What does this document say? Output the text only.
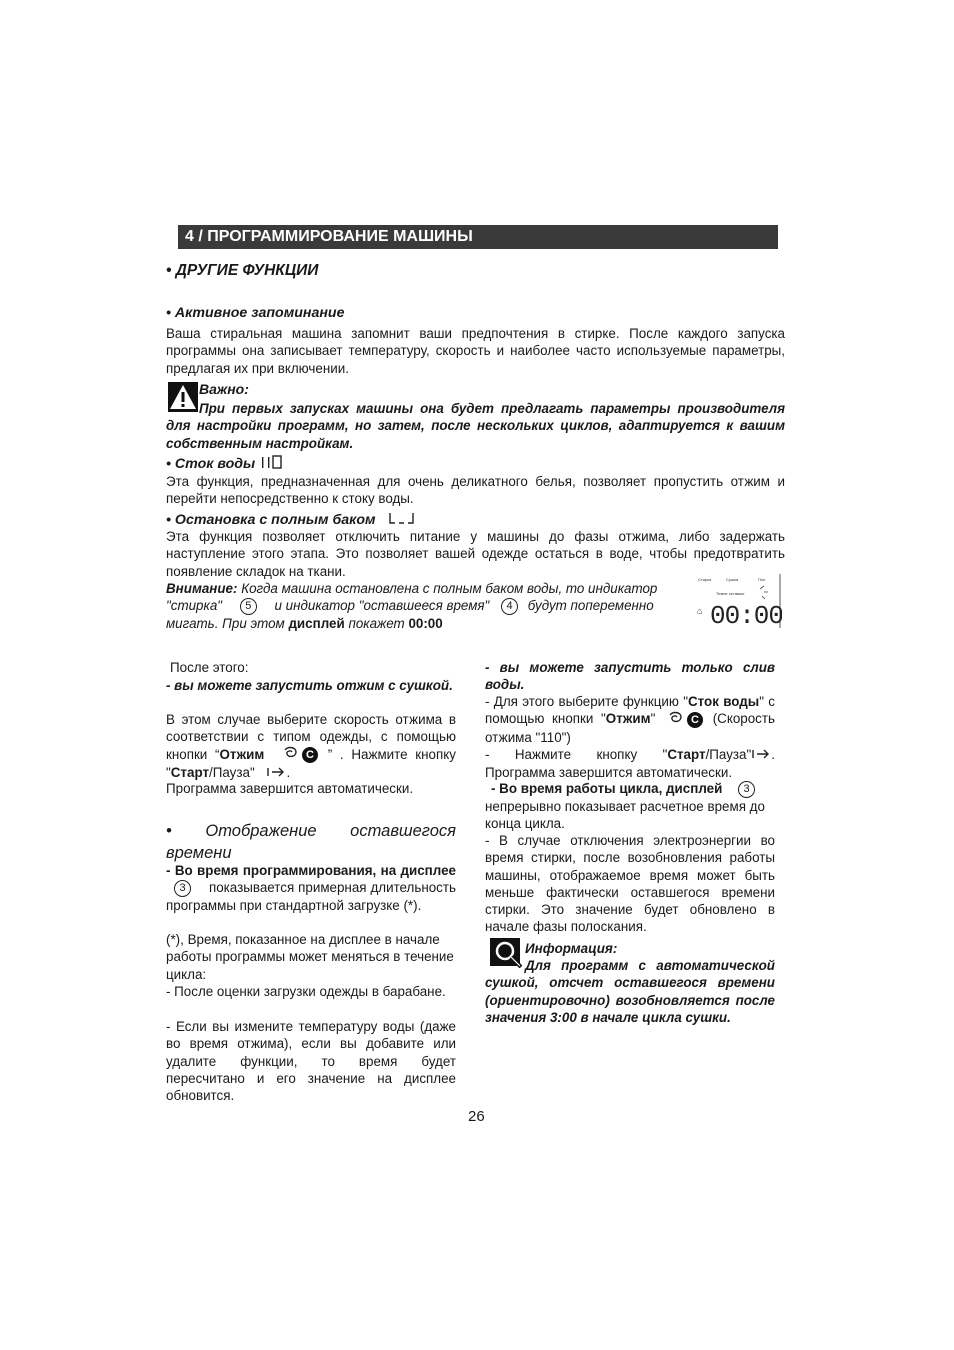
4 / ПРОГРАММИРОВАНИЕ МАШИНЫ
• ДРУГИЕ ФУНКЦИИ
• Активное запоминание
Ваша стиральная машина запомнит ваши предпочтения в стирке. После каждого запуска программы она записывает температуру, скорость и наиболее часто используемые параметры, предлагая их при включении.
Важно:
При первых запусках машины она будет предлагать параметры производителя для настройки программ, но затем, после нескольких циклов, адаптируется к вашим собственным настройкам.
• Сток воды
Эта функция, предназначенная для очень деликатного белья, позволяет пропустить отжим и перейти непосредственно к стоку воды.
• Остановка с полным баком
Эта функция позволяет отключить питание у машины до фазы отжима, либо задержать наступление этого этапа. Это позволяет вашей одежде остаться в воде, чтобы предотвратить появление складок на ткани.
Внимание: Когда машина остановлена с полным баком воды, то индикатор
"стирка" 5 и индикатор "оставшееся время" 4 будут попеременно
мигать. При этом дисплей покажет 00:00
Стирка	Сушка	Пол
Темпе оставше
⌂ 00:00
После этого:
- вы можете запустить отжим с сушкой.
В этом случае выберите скорость отжима в соответствии с типом одежды, с помощью кнопки “Отжим	C ” . Нажмите кнопку "Старт/Пауза" .
Программа завершится автоматически.
• Отображение оставшегося времени
- Во время программирования, на дисплее 3 показывается примерная длительность программы при стандартной загрузке (*).
(*), Время, показанное на дисплее в начале работы программы может меняться в течение цикла:
- После оценки загрузки одежды в барабане.
- Если вы измените температуру воды (даже во время отжима), если вы добавите или удалите функции, то время будет пересчитано и его значение на дисплее обновится.
- вы можете запустить только слив воды.
- Для этого выберите функцию "Сток воды" с помощью кнопки "Отжим"	C (Скорость отжима "110")
- Нажмите кнопку "Старт/Пауза" . Программа завершится автоматически.
- Во время работы цикла, дисплей 3
непрерывно показывает расчетное время до конца цикла.
- В случае отключения электроэнергии во время стирки, после возобновления работы машины, отображаемое время может быть меньше фактически оставшегося времени стирки. Это значение будет обновлено в начале фазы полоскания.
Информация:
Для программ с автоматической сушкой, отсчет оставшегося времени (ориентировочно) возобновляется после значения 3:00 в начале цикла сушки.
26
